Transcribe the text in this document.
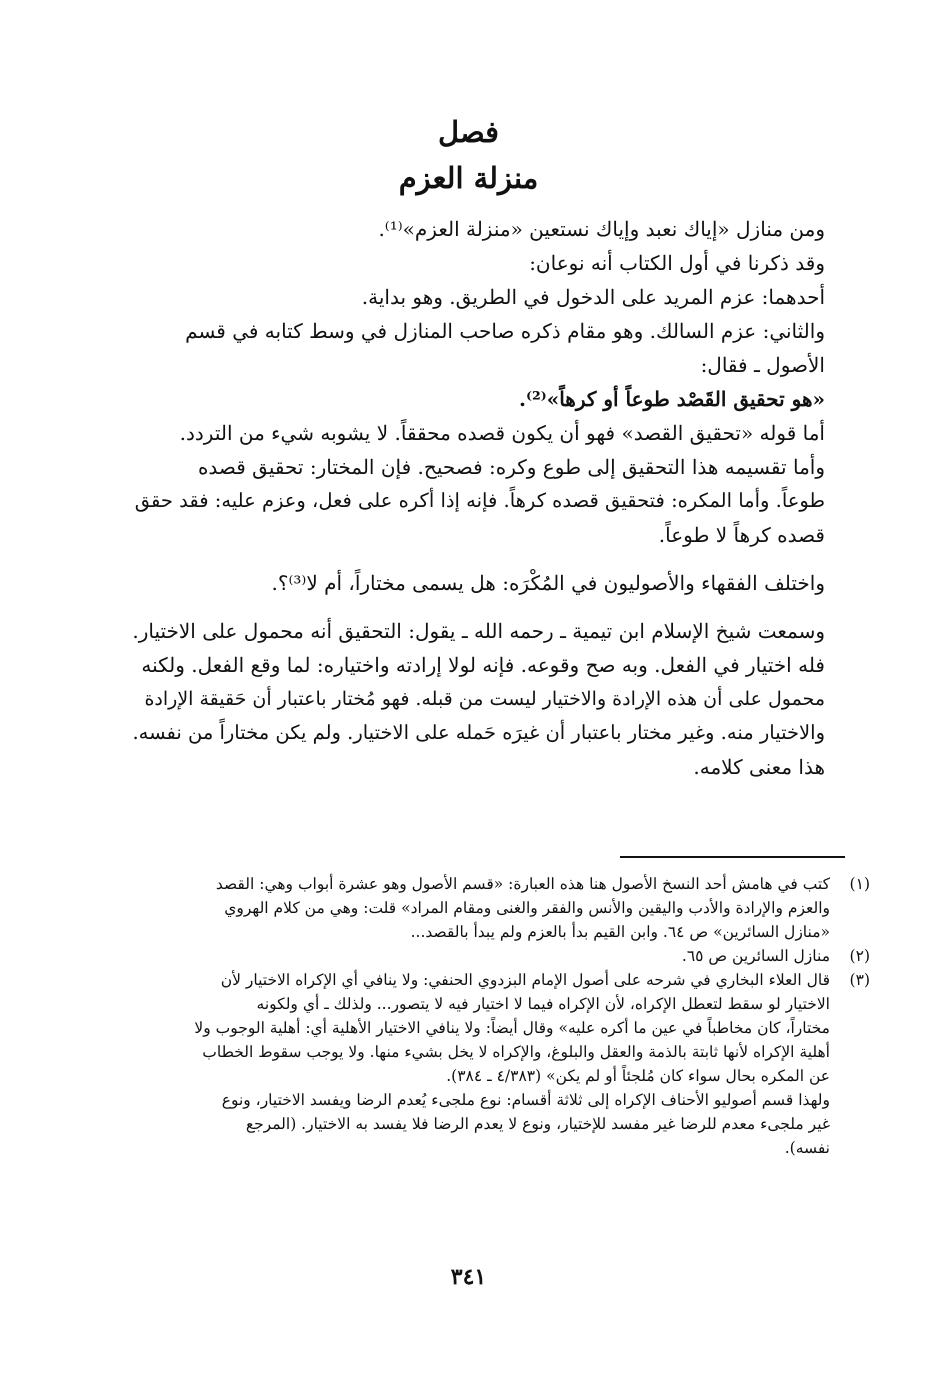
فصل
منزلة العزم
ومن منازل «إياك نعبد وإياك نستعين «منزلة العزم»⁽¹⁾.
وقد ذكرنا في أول الكتاب أنه نوعان:
أحدهما: عزم المريد على الدخول في الطريق. وهو بداية.
والثاني: عزم السالك. وهو مقام ذكره صاحب المنازل في وسط كتابه في قسم
الأصول ـ فقال:
«هو تحقيق القَصْد طوعاً أو كرهاً»⁽²⁾.
أما قوله «تحقيق القصد» فهو أن يكون قصده محققاً. لا يشوبه شيء من التردد.
وأما تقسيمه هذا التحقيق إلى طوع وكره: فصحيح. فإن المختار: تحقيق قصده
طوعاً. وأما المكره: فتحقيق قصده كرهاً. فإنه إذا أكره على فعل، وعزم عليه: فقد حقق
قصده كرهاً لا طوعاً.
واختلف الفقهاء والأصوليون في المُكْرَه: هل يسمى مختاراً، أم لا⁽³⁾؟.
وسمعت شيخ الإسلام ابن تيمية ـ رحمه الله ـ يقول: التحقيق أنه محمول على الاختيار.
فله اختيار في الفعل. وبه صح وقوعه. فإنه لولا إرادته واختياره: لما وقع الفعل. ولكنه
محمول على أن هذه الإرادة والاختيار ليست من قبله. فهو مُختار باعتبار أن حَقيقة الإرادة
والاختيار منه. وغير مختار باعتبار أن غيرَه حَمله على الاختيار. ولم يكن مختاراً من نفسه.
هذا معنى كلامه.
(١)
كتب في هامش أحد النسخ الأصول هنا هذه العبارة: «قسم الأصول وهو عشرة أبواب وهي: القصد
والعزم والإرادة والأدب واليقين والأنس والفقر والغنى ومقام المراد» قلت: وهي من كلام الهروي
«منازل السائرين» ص ٦٤. وابن القيم بدأ بالعزم ولم يبدأ بالقصد...
(٢)
منازل السائرين ص ٦٥.
(٣)
قال العلاء البخاري في شرحه على أصول الإمام البزدوي الحنفي: ولا ينافي أي الإكراه الاختيار لأن
الاختيار لو سقط لتعطل الإكراه، لأن الإكراه فيما لا اختيار فيه لا يتصور... ولذلك ـ أي ولكونه
مختاراً، كان مخاطباً في عين ما أكره عليه» وقال أيضاً: ولا ينافي الاختيار الأهلية أي: أهلية الوجوب ولا
أهلية الإكراه لأنها ثابتة بالذمة والعقل والبلوغ، والإكراه لا يخل بشيء منها. ولا يوجب سقوط الخطاب
عن المكره بحال سواء كان مُلجئاً أو لم يكن» (٤/٣٨٣ ـ ٣٨٤).
ولهذا قسم أصوليو الأحناف الإكراه إلى ثلاثة أقسام: نوع ملجىء يُعدم الرضا ويفسد الاختيار، ونوع
غير ملجىء معدم للرضا غير مفسد للإختيار، ونوع لا يعدم الرضا فلا يفسد به الاختيار. (المرجع
نفسه).
٣٤١
